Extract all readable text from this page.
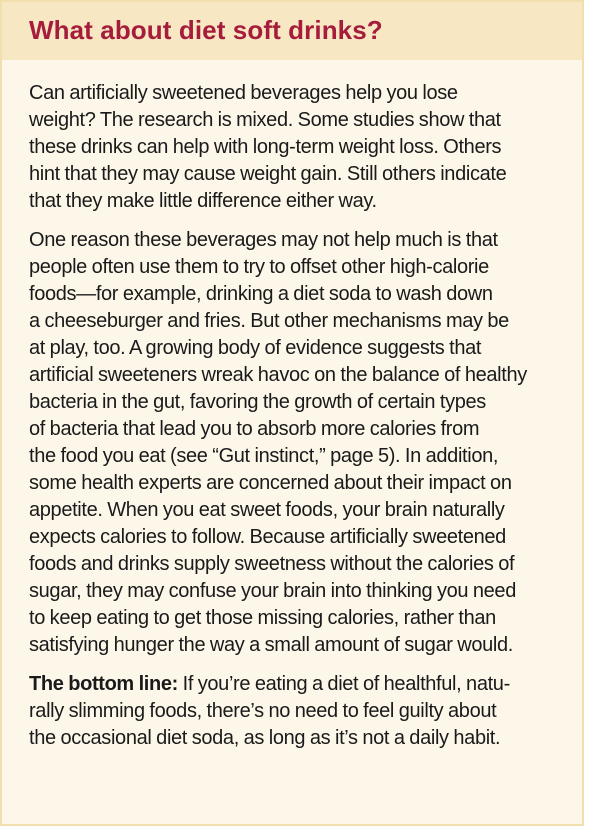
What about diet soft drinks?

Can artificially sweetened beverages help you lose
weight? The research is mixed. Some studies show that
these drinks can help with long-term weight loss. Others
hint that they may cause weight gain. Still others indicate
that they make little difference either way.

One reason these beverages may not help much is that
people often use them to try to offset other high-calorie
foods—for example, drinking a diet soda to wash down
a cheeseburger and fries. But other mechanisms may be
at play, too. A growing body of evidence suggests that
artificial sweeteners wreak havoc on the balance of healthy
bacteria in the gut, favoring the growth of certain types
of bacteria that lead you to absorb more calories from
the food you eat (see “Gut instinct,” page 5). In addition,
some health experts are concerned about their impact on
appetite. When you eat sweet foods, your brain naturally
expects calories to follow. Because artificially sweetened
foods and drinks supply sweetness without the calories of
sugar, they may confuse your brain into thinking you need
to keep eating to get those missing calories, rather than
satisfying hunger the way a small amount of sugar would.

The bottom line: If you’re eating a diet of healthful, natu-
rally slimming foods, there’s no need to feel guilty about
the occasional diet soda, as long as it’s not a daily habit.
